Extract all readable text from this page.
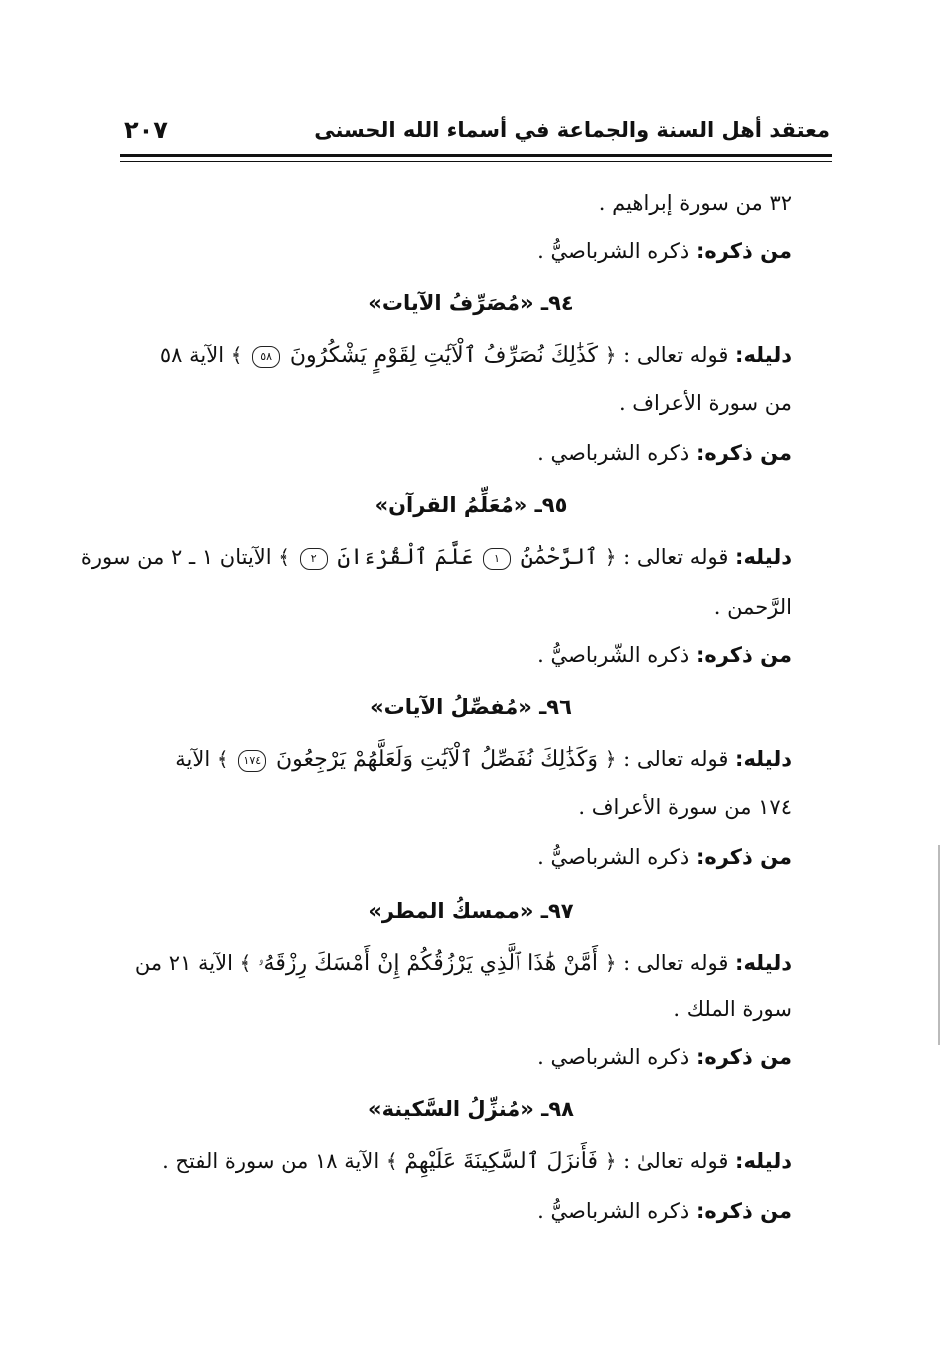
معتقد أهل السنة والجماعة في أسماء الله الحسنى
٢٠٧
٣٢ من سورة إبراهيم .
من ذكره: ذكره الشرباصيُّ .
٩٤ـ «مُصَرِّفُ الآيات»
دليله: قوله تعالى : ﴿ كَذَٰلِكَ نُصَرِّفُ ٱلْآيَٰتِ لِقَوْمٍ يَشْكُرُونَ ٥٨ ﴾ الآية ٥٨
من سورة الأعراف .
من ذكره: ذكره الشرباصي .
٩٥ـ «مُعَلِّمُ القرآن»
دليله: قوله تعالى : ﴿ ٱلرَّحْمَٰنُ ١ عَلَّمَ ٱلْقُرْءَانَ ٢ ﴾ الآيتان ١ ـ ٢ من سورة
الرَّحمن .
من ذكره: ذكره الشّرباصيُّ .
٩٦ـ «مُفصِّلُ الآيات»
دليله: قوله تعالى : ﴿ وَكَذَٰلِكَ نُفَصِّلُ ٱلْآيَٰتِ وَلَعَلَّهُمْ يَرْجِعُونَ ١٧٤ ﴾ الآية
١٧٤ من سورة الأعراف .
من ذكره: ذكره الشرباصيُّ .
٩٧ـ «ممسكُ المطر»
دليله: قوله تعالى : ﴿ أَمَّنْ هَٰذَا ٱلَّذِي يَرْزُقُكُمْ إِنْ أَمْسَكَ رِزْقَهُۥ ﴾ الآية ٢١ من
سورة الملك .
من ذكره: ذكره الشرباصي .
٩٨ـ «مُنزِّلُ السَّكينة»
دليله: قوله تعالىٰ : ﴿ فَأَنزَلَ ٱلسَّكِينَةَ عَلَيْهِمْ ﴾ الآية ١٨ من سورة الفتح .
من ذكره: ذكره الشرباصيُّ .
